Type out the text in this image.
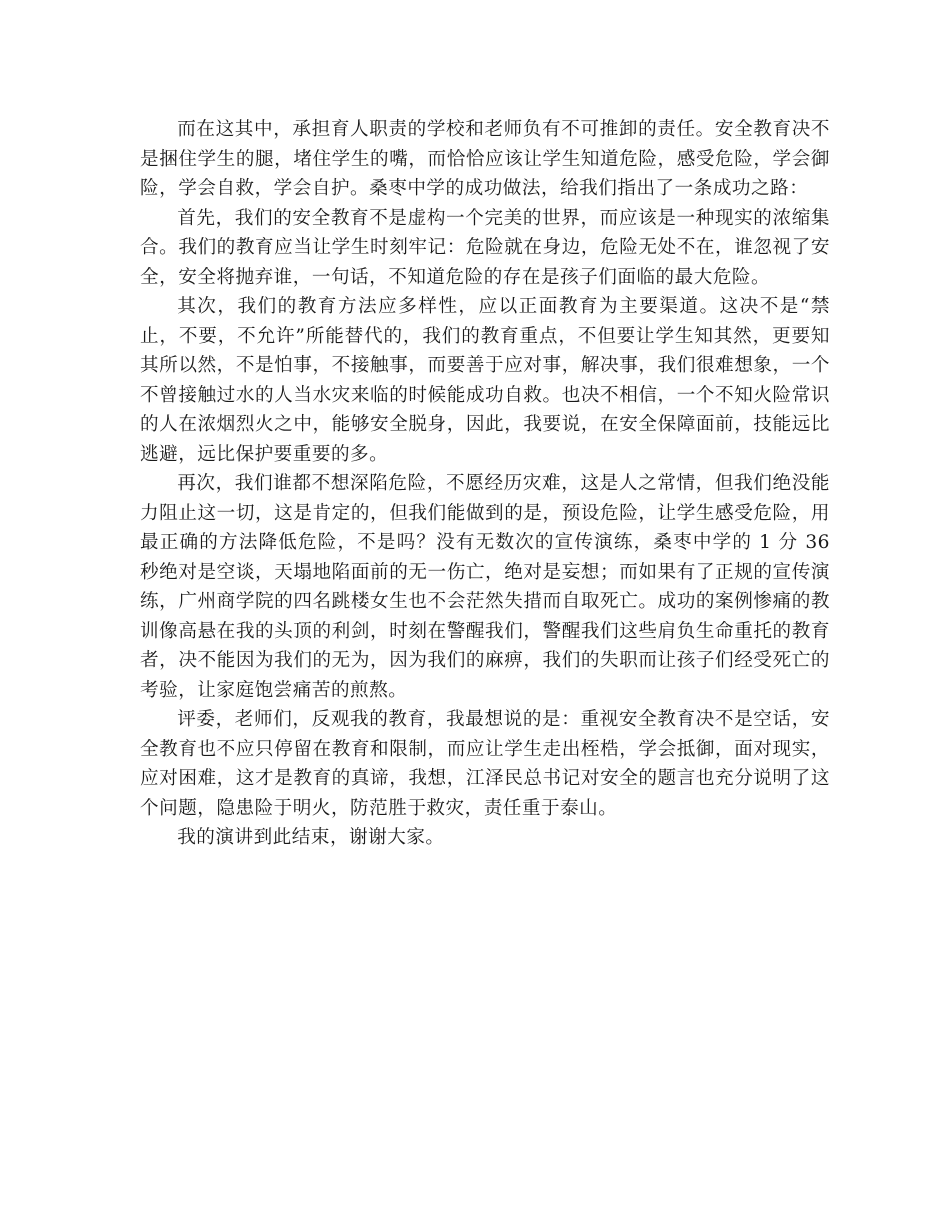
而在这其中，承担育人职责的学校和老师负有不可推卸的责任。安全教育决不是捆住学生的腿，堵住学生的嘴，而恰恰应该让学生知道危险，感受危险，学会御险，学会自救，学会自护。桑枣中学的成功做法，给我们指出了一条成功之路：

首先，我们的安全教育不是虚构一个完美的世界，而应该是一种现实的浓缩集合。我们的教育应当让学生时刻牢记：危险就在身边，危险无处不在，谁忽视了安全，安全将抛弃谁，一句话，不知道危险的存在是孩子们面临的最大危险。

其次，我们的教育方法应多样性，应以正面教育为主要渠道。这决不是“禁止，不要，不允许”所能替代的，我们的教育重点，不但要让学生知其然，更要知其所以然，不是怕事，不接触事，而要善于应对事，解决事，我们很难想象，一个不曾接触过水的人当水灾来临的时候能成功自救。也决不相信，一个不知火险常识的人在浓烟烈火之中，能够安全脱身，因此，我要说，在安全保障面前，技能远比逃避，远比保护要重要的多。

再次，我们谁都不想深陷危险，不愿经历灾难，这是人之常情，但我们绝没能力阻止这一切，这是肯定的，但我们能做到的是，预设危险，让学生感受危险，用最正确的方法降低危险，不是吗？没有无数次的宣传演练，桑枣中学的 1 分 36 秒绝对是空谈，天塌地陷面前的无一伤亡，绝对是妄想；而如果有了正规的宣传演练，广州商学院的四名跳楼女生也不会茫然失措而自取死亡。成功的案例惨痛的教训像高悬在我的头顶的利剑，时刻在警醒我们，警醒我们这些肩负生命重托的教育者，决不能因为我们的无为，因为我们的麻痹，我们的失职而让孩子们经受死亡的考验，让家庭饱尝痛苦的煎熬。

评委，老师们，反观我的教育，我最想说的是：重视安全教育决不是空话，安全教育也不应只停留在教育和限制，而应让学生走出桎梏，学会抵御，面对现实，应对困难，这才是教育的真谛，我想，江泽民总书记对安全的题言也充分说明了这个问题，隐患险于明火，防范胜于救灾，责任重于泰山。

我的演讲到此结束，谢谢大家。
